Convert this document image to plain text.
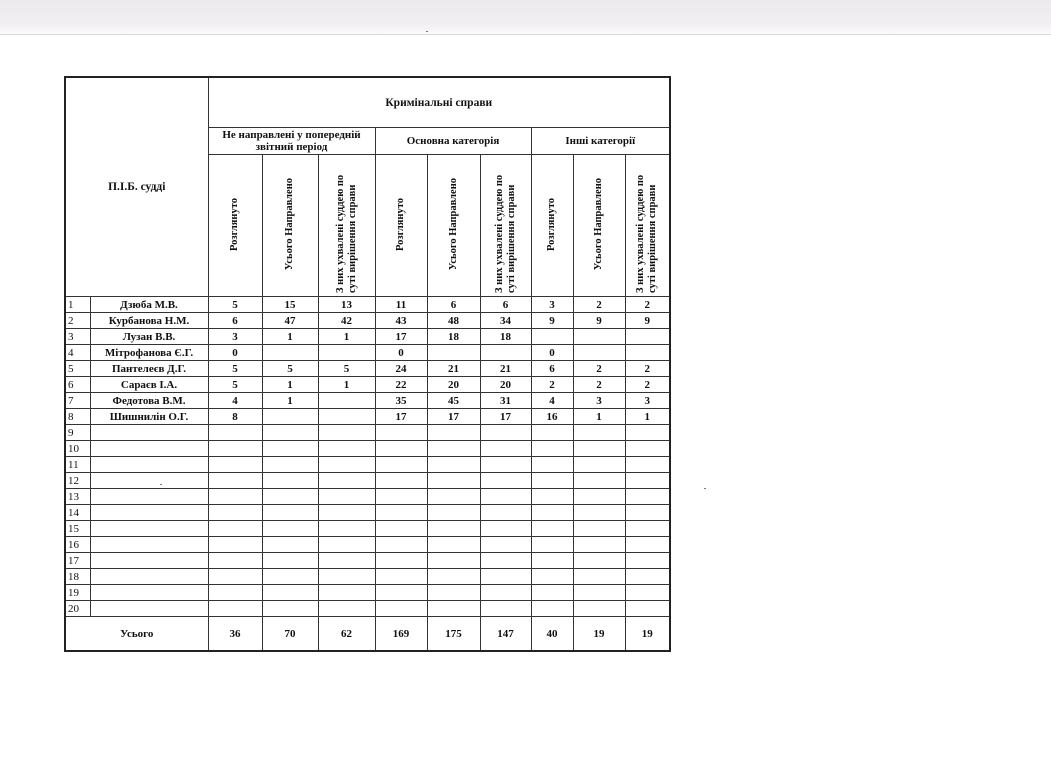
П.І.Б. судді		Кримінальні справи								

		Не направлені у попередній звітний період			Основна категорія			Інші категорії		

		Розглянуто	Усього Направлено	З них ухвалені суддею по суті вирішення справи	Розглянуто	Усього Направлено	З них ухвалені суддею по суті вирішення справи	Розглянуто	Усього Направлено	З них ухвалені суддею по суті вирішення справи
1	Дзюба М.В.	5	15	13	11	6	6	3	2	2
2	Курбанова Н.М.	6	47	42	43	48	34	9	9	9
3	Лузан В.В.	3	1	1	17	18	18			
4	Мітрофанова Є.Г.	0			0			0		
5	Пантелеєв Д.Г.	5	5	5	24	21	21	6	2	2
6	Сараєв І.А.	5	1	1	22	20	20	2	2	2
7	Федотова В.М.	4	1		35	45	31	4	3	3
8	Шишнилін О.Г.	8			17	17	17	16	1	1
9										
10										
11										
12										
13										
14										
15										
16										
17										
18										
19										
20										
Усього		36	70	62	169	175	147	40	19	19
